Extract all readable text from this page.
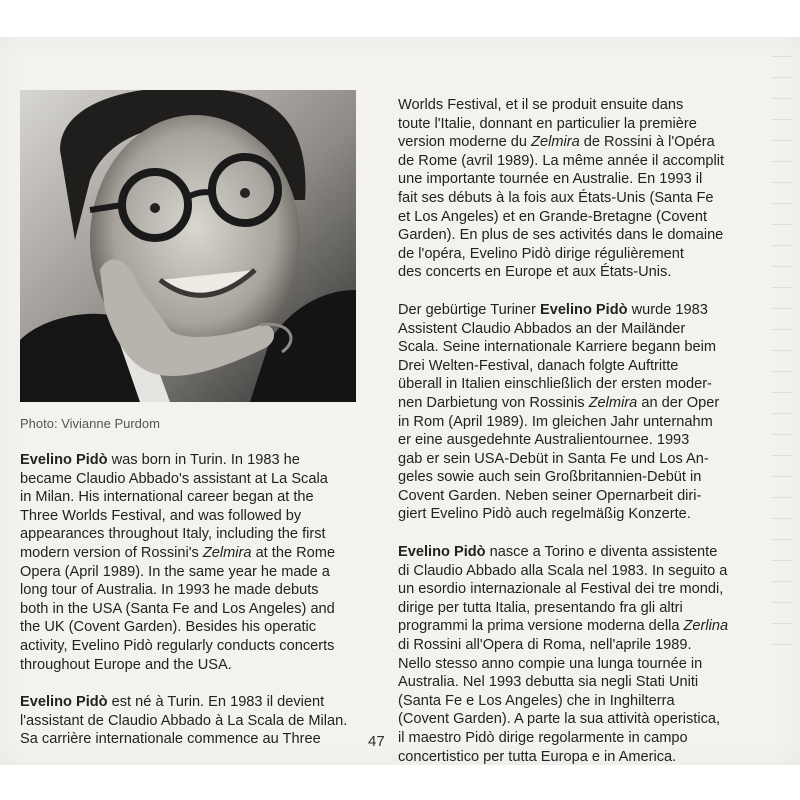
Photo: Vivianne Purdom

Evelino Pidò was born in Turin. In 1983 he
became Claudio Abbado's assistant at La Scala
in Milan. His international career began at the
Three Worlds Festival, and was followed by
appearances throughout Italy, including the first
modern version of Rossini's Zelmira at the Rome
Opera (April 1989). In the same year he made a
long tour of Australia. In 1993 he made debuts
both in the USA (Santa Fe and Los Angeles) and
the UK (Covent Garden). Besides his operatic
activity, Evelino Pidò regularly conducts concerts
throughout Europe and the USA.

Evelino Pidò est né à Turin. En 1983 il devient
l'assistant de Claudio Abbado à La Scala de Milan.
Sa carrière internationale commence au Three

Worlds Festival, et il se produit ensuite dans
toute l'Italie, donnant en particulier la première
version moderne du Zelmira de Rossini à l'Opéra
de Rome (avril 1989). La même année il accomplit
une importante tournée en Australie. En 1993 il
fait ses débuts à la fois aux États-Unis (Santa Fe
et Los Angeles) et en Grande-Bretagne (Covent
Garden). En plus de ses activités dans le domaine
de l'opéra, Evelino Pidò dirige régulièrement
des concerts en Europe et aux États-Unis.

Der gebürtige Turiner Evelino Pidò wurde 1983
Assistent Claudio Abbados an der Mailänder
Scala. Seine internationale Karriere begann beim
Drei Welten-Festival, danach folgte Auftritte
überall in Italien einschließlich der ersten moder-
nen Darbietung von Rossinis Zelmira an der Oper
in Rom (April 1989). Im gleichen Jahr unternahm
er eine ausgedehnte Australientournee. 1993
gab er sein USA-Debüt in Santa Fe und Los An-
geles sowie auch sein Großbritannien-Debüt in
Covent Garden. Neben seiner Opernarbeit diri-
giert Evelino Pidò auch regelmäßig Konzerte.

Evelino Pidò nasce a Torino e diventa assistente
di Claudio Abbado alla Scala nel 1983. In seguito a
un esordio internazionale al Festival dei tre mondi,
dirige per tutta Italia, presentando fra gli altri
programmi la prima versione moderna della Zerlina
di Rossini all'Opera di Roma, nell'aprile 1989.
Nello stesso anno compie una lunga tournée in
Australia. Nel 1993 debutta sia negli Stati Uniti
(Santa Fe e Los Angeles) che in Inghilterra
(Covent Garden). A parte la sua attività operistica,
il maestro Pidò dirige regolarmente in campo
concertistico per tutta Europa e in America.

47
